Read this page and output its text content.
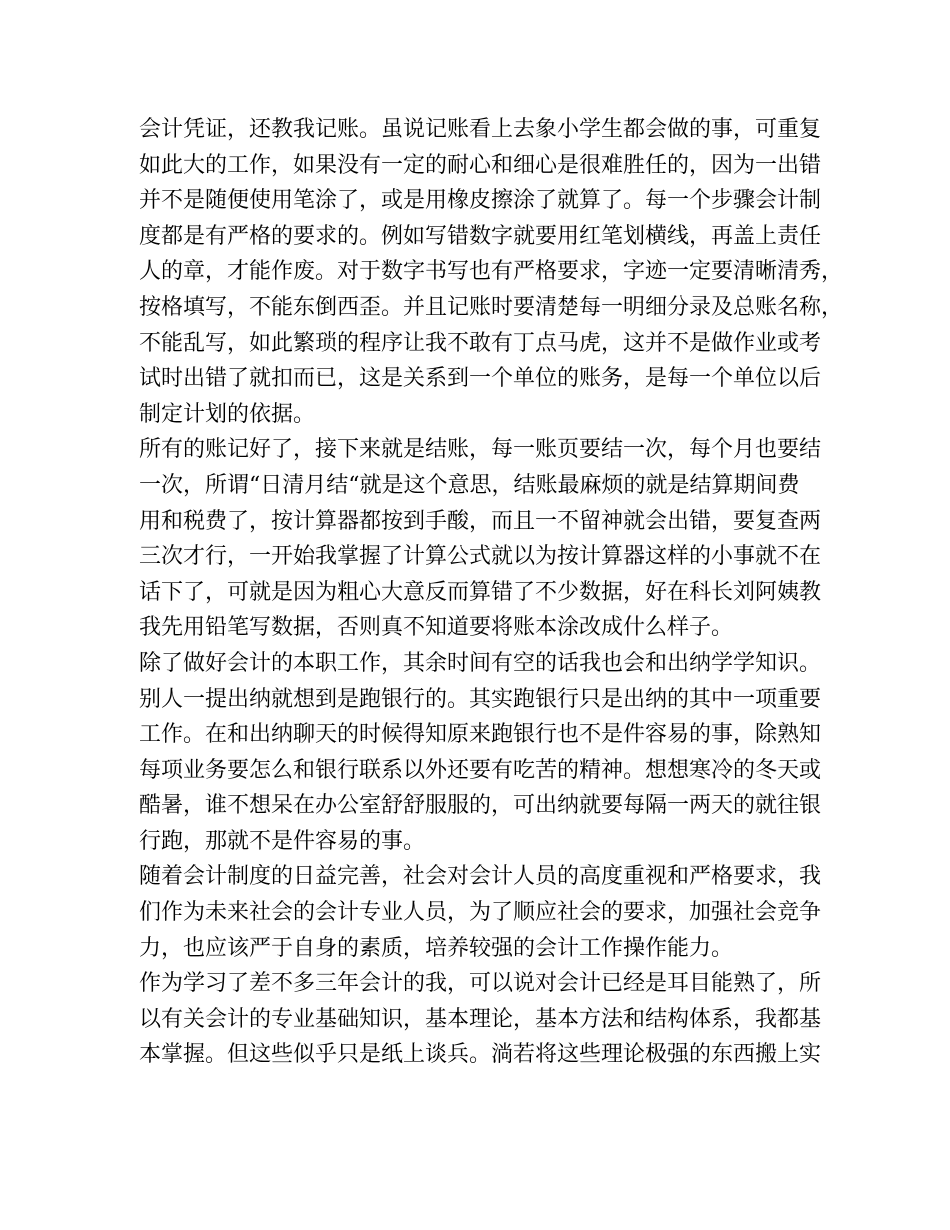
会计凭证，还教我记账。虽说记账看上去象小学生都会做的事，可重复
如此大的工作，如果没有一定的耐心和细心是很难胜任的，因为一出错
并不是随便使用笔涂了，或是用橡皮擦涂了就算了。每一个步骤会计制
度都是有严格的要求的。例如写错数字就要用红笔划横线，再盖上责任
人的章，才能作废。对于数字书写也有严格要求，字迹一定要清晰清秀，
按格填写，不能东倒西歪。并且记账时要清楚每一明细分录及总账名称，
不能乱写，如此繁琐的程序让我不敢有丁点马虎，这并不是做作业或考
试时出错了就扣而已，这是关系到一个单位的账务，是每一个单位以后
制定计划的依据。
所有的账记好了，接下来就是结账，每一账页要结一次，每个月也要结
一次，所谓“日清月结“就是这个意思，结账最麻烦的就是结算期间费
用和税费了，按计算器都按到手酸，而且一不留神就会出错，要复查两
三次才行，一开始我掌握了计算公式就以为按计算器这样的小事就不在
话下了，可就是因为粗心大意反而算错了不少数据，好在科长刘阿姨教
我先用铅笔写数据，否则真不知道要将账本涂改成什么样子。
除了做好会计的本职工作，其余时间有空的话我也会和出纳学学知识。
别人一提出纳就想到是跑银行的。其实跑银行只是出纳的其中一项重要
工作。在和出纳聊天的时候得知原来跑银行也不是件容易的事，除熟知
每项业务要怎么和银行联系以外还要有吃苦的精神。想想寒冷的冬天或
酷暑，谁不想呆在办公室舒舒服服的，可出纳就要每隔一两天的就往银
行跑，那就不是件容易的事。
随着会计制度的日益完善，社会对会计人员的高度重视和严格要求，我
们作为未来社会的会计专业人员，为了顺应社会的要求，加强社会竞争
力，也应该严于自身的素质，培养较强的会计工作操作能力。
作为学习了差不多三年会计的我，可以说对会计已经是耳目能熟了，所
以有关会计的专业基础知识，基本理论，基本方法和结构体系，我都基
本掌握。但这些似乎只是纸上谈兵。淌若将这些理论极强的东西搬上实
